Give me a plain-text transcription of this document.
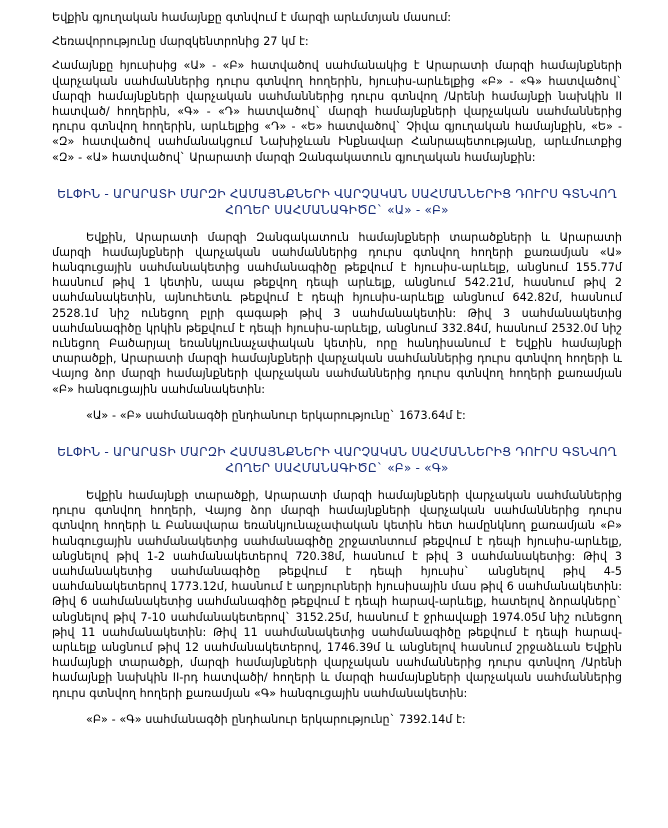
Եվքին գյուղական համայնքը գտնվում է մարզի արևմտյան մասում:

Հեռավորությունը մարզկենտրոնից 27 կմ է:

Համայնքը հյուսիսից «Ա» - «Բ» հատվածով սահմանակից է Արարատի մարզի համայնքների վարչական սահմաններից դուրս գտնվող հողերին, հյուսիս-արևելքից «Բ» - «Գ» հատվածով` մարզի համայնքների վարչական սահմաններից դուրս գտնվող /Արենի համայնքի նախկին II հատված/ հողերին, «Գ» - «Դ» հատվածով` մարզի համայնքների վարչական սահմաններից դուրս գտնվող հողերին, արևելքից «Դ» - «Ե» հատվածով` Չիվա գյուղական համայնքին, «Ե» - «Զ» հատվածով սահմանակցում Նախիջևան Ինքնավար Հանրապետությանը, արևմուտքից «Զ» - «Ա» հատվածով` Արարատի մարզի Զանգակատուն գյուղական համայնքին:

ԵԼՓԻՆ - ԱՐԱՐԱՏԻ ՄԱՐԶԻ ՀԱՄԱՅՆՔՆԵՐԻ ՎԱՐՉԱԿԱՆ ՍԱՀՄԱՆՆԵՐԻՑ ԴՈՒՐՍ ԳՏՆՎՈՂ
ՀՈՂԵՐ ՍԱՀՄԱՆԱԳԻԾԸ` «Ա» - «Բ»

Եվքին, Արարատի մարզի Զանգակատուն համայնքների տարածքների և Արարատի մարզի համայնքների վարչական սահմաններից դուրս գտնվող հողերի քառամյան «Ա» հանգուցային սահմանակետից սահմանագիծը թեքվում է հյուսիս-արևելք, անցնում 155.77մ հասնում թիվ 1 կետին, ապա թեքվող դեպի արևելք, անցնում 542.21մ, հասնում թիվ 2 սահմանակետին, այնուհետև թեքվում է դեպի հյուսիս-արևելք անցնում 642.82մ, հասնում 2528.1մ նիշ ունեցող բլրի գագաթի թիվ 3 սահմանակետին: Թիվ 3 սահմանակետից սահմանագիծը կրկին թեքվում է դեպի հյուսիս-արևելք, անցնում 332.84մ, հասնում 2532.0մ նիշ ունեցող Բածարյալ եռանկյունաչափական կետին, որը հանդիսանում է Եվքին համայնքի տարածքի, Արարատի մարզի համայնքների վարչական սահմաններից դուրս գտնվող հողերի և Վայոց ձոր մարզի համայնքների վարչական սահմաններից դուրս գտնվող հողերի քառամյան «Բ» հանգուցային սահմանակետին:

«Ա» - «Բ» սահմանագծի ընդհանուր երկարությունը` 1673.64մ է:

ԵԼՓԻՆ - ԱՐԱՐԱՏԻ ՄԱՐԶԻ ՀԱՄԱՅՆՔՆԵՐԻ ՎԱՐՉԱԿԱՆ ՍԱՀՄԱՆՆԵՐԻՑ ԴՈՒՐՍ ԳՏՆՎՈՂ
ՀՈՂԵՐ ՍԱՀՄԱՆԱԳԻԾԸ` «Բ» - «Գ»

Եվքին համայնքի տարածքի, Արարատի մարզի համայնքների վարչական սահմաններից դուրս գտնվող հողերի, Վայոց ձոր մարզի համայնքների վարչական սահմաններից դուրս գտնվող հողերի և Բանավարա եռանկյունաչափական կետին հետ համընկնող քառամյան «Բ» հանգուցային սահմանակետից սահմանագիծը շրջատնտում թեքվում է դեպի հյուսիս-արևելք, անցնելով թիվ 1-2 սահմանակետերով 720.38մ, հասնում է թիվ 3 սահմանակետից: Թիվ 3 սահմանակետից սահմանագիծը թեքվում է դեպի հյուսիս` անցնելով թիվ 4-5 սահմանակետերով 1773.12մ, հասնում է աղբյուրների հյուսիսային մաս թիվ 6 սահմանակետին: Թիվ 6 սահմանակետից սահմանագիծը թեքվում է դեպի հարավ-արևելք, հատելով ձորակները` անցնելով թիվ 7-10 սահմանակետերով` 3152.25մ, հասնում է ջրհավաքի 1974.05մ նիշ ունեցող թիվ 11 սահմանակետին: Թիվ 11 սահմանակետից սահմանագիծը թեքվում է դեպի հարավ-արևելք անցնում թիվ 12 սահմանակետերով, 1746.39մ և անցնելով հասնում շրջաձևան Եվքին համայնքի տարածքի, մարզի համայնքների վարչական սահմաններից դուրս գտնվող /Արենի համայնքի նախկին II-րդ հատվածի/ հողերի և մարզի համայնքների վարչական սահմաններից դուրս գտնվող հողերի քառամյան «Գ» հանգուցային սահմանակետին:

«Բ» - «Գ» սահմանագծի ընդհանուր երկարությունը` 7392.14մ է:
